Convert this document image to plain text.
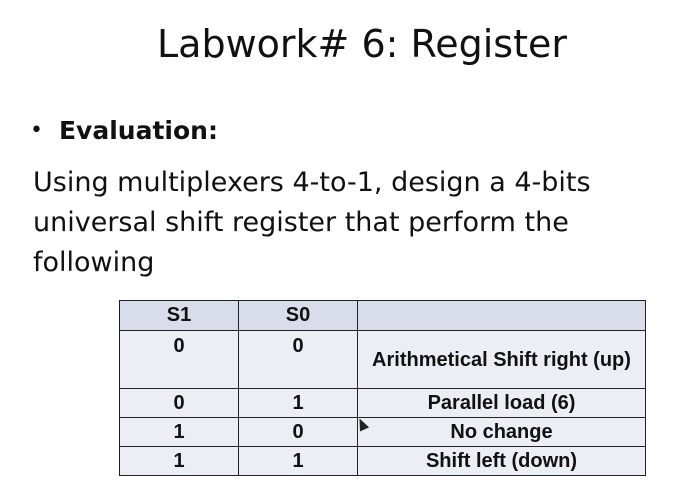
Labwork# 6: Register
• Evaluation:

Using multiplexers 4-to-1, design a 4-bits universal shift register that perform the following

S1	S0	
0	0	Arithmetical Shift right (up)
0	1	Parallel load (6)
1	0	No change
1	1	Shift left (down)
